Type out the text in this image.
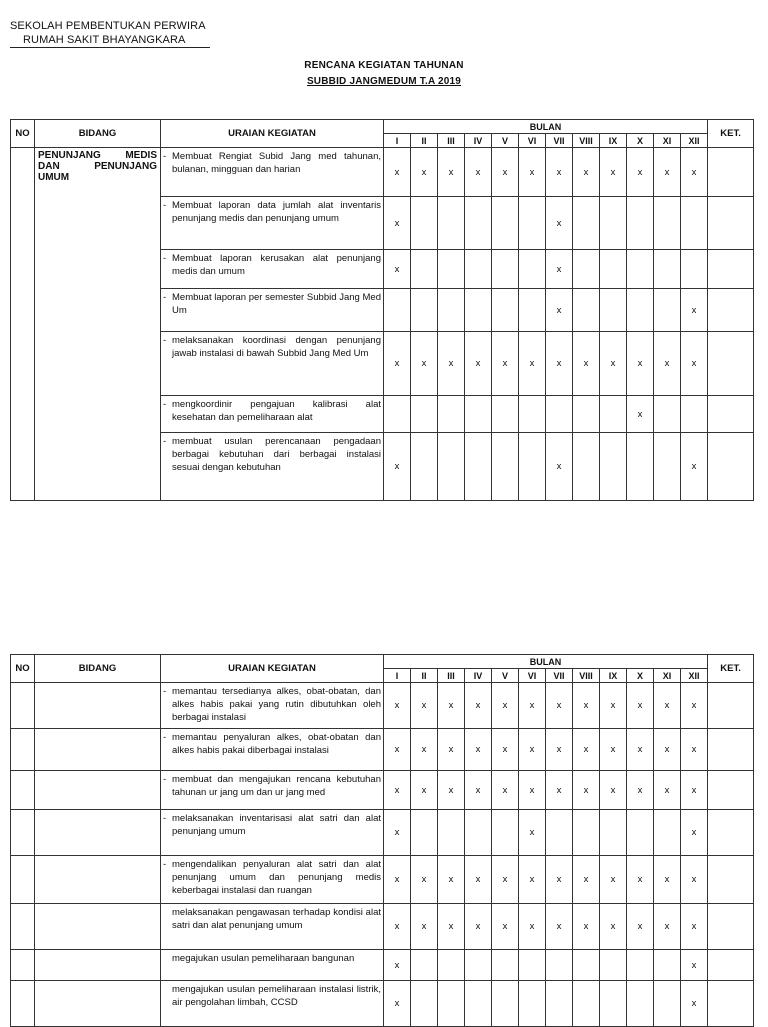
SEKOLAH PEMBENTUKAN PERWIRA
RUMAH SAKIT BHAYANGKARA
RENCANA KEGIATAN TAHUNAN
SUBBID JANGMEDUM T.A 2019
NO	BIDANG	URAIAN KEGIATAN	BULAN												KET.
			I	II	III	IV	V	VI	VII	VIII	IX	X	XI	XII	
	PENUNJANG MEDIS DAN PENUNJANG UMUM	- Membuat Rengiat Subid Jang med tahunan, bulanan, mingguan dan harian	x	x	x	x	x	x	x	x	x	x	x	x	

		- Membuat laporan data jumlah alat inventaris penunjang medis dan penunjang umum	x						x						

		- Membuat laporan kerusakan alat penunjang medis dan umum	x						x						

		- Membuat laporan per semester Subbid Jang Med Um							x					x	

		- melaksanakan koordinasi dengan penunjang jawab instalasi di bawah Subbid Jang Med Um	x	x	x	x	x	x	x	x	x	x	x	x	

		- mengkoordinir pengajuan kalibrasi alat kesehatan dan pemeliharaan alat										x			

		- membuat usulan perencanaan pengadaan berbagai kebutuhan dari berbagai instalasi sesuai dengan kebutuhan	x						x					x	
NO	BIDANG	URAIAN KEGIATAN	BULAN												KET.
			I	II	III	IV	V	VI	VII	VIII	IX	X	XI	XII	

		- memantau tersedianya alkes, obat-obatan, dan alkes habis pakai yang rutin dibutuhkan oleh berbagai instalasi	x	x	x	x	x	x	x	x	x	x	x	x	

		- memantau penyaluran alkes, obat-obatan dan alkes habis pakai diberbagai instalasi	x	x	x	x	x	x	x	x	x	x	x	x	

		- membuat dan mengajukan rencana kebutuhan tahunan ur jang um dan ur jang med	x	x	x	x	x	x	x	x	x	x	x	x	

		- melaksanakan inventarisasi alat satri dan alat penunjang umum	x					x						x	

		- mengendalikan penyaluran alat satri dan alat penunjang umum dan penunjang medis keberbagai instalasi dan ruangan	x	x	x	x	x	x	x	x	x	x	x	x	

		melaksanakan pengawasan terhadap kondisi alat satri dan alat penunjang umum	x	x	x	x	x	x	x	x	x	x	x	x	

		megajukan usulan pemeliharaan bangunan	x											x	

		mengajukan usulan pemeliharaan instalasi listrik, air pengolahan limbah, CCSD	x											x	
